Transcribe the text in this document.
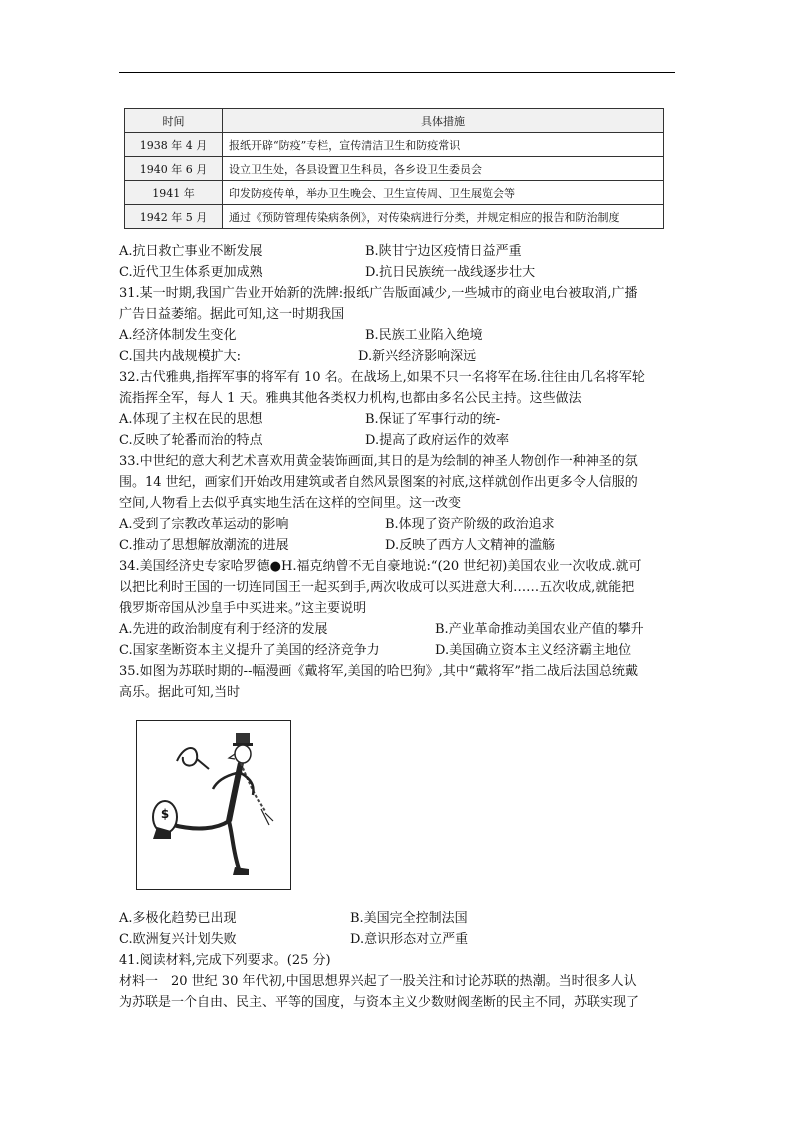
时间	具体措施
1938 年 4 月	报纸开辟“防疫”专栏，宣传清洁卫生和防疫常识
1940 年 6 月	设立卫生处，各县设置卫生科员，各乡设卫生委员会
1941 年	印发防疫传单，举办卫生晚会、卫生宣传周、卫生展览会等
1942 年 5 月	通过《预防管理传染病条例》，对传染病进行分类，并规定相应的报告和防治制度
A.抗日救亡事业不断发展	B.陕甘宁边区疫情日益严重
C.近代卫生体系更加成熟	D.抗日民族统一战线逐步壮大
31.某一时期,我国广告业开始新的洗牌:报纸广告版面减少,一些城市的商业电台被取消,广播
广告日益萎缩。据此可知,这一时期我国
A.经济体制发生变化	B.民族工业陷入绝境
C.国共内战规模扩大:	D.新兴经济影响深远
32.古代雅典,指挥军事的将军有 10 名。在战场上,如果不只一名将军在场.往往由几名将军轮
流指挥全军，每人 1 天。雅典其他各类权力机构,也都由多名公民主持。这些做法
A.体现了主权在民的思想	B.保证了军事行动的统-
C.反映了轮番而治的特点	D.提高了政府运作的效率
33.中世纪的意大利艺术喜欢用黄金装饰画面,其日的是为绘制的神圣人物创作一种神圣的氛
围。14 世纪，画家们开始改用建筑或者自然风景图案的衬底,这样就创作出更多令人信服的
空间,人物看上去似乎真实地生活在这样的空间里。这一改变
A.受到了宗教改革运动的影响	B.体现了资产阶级的政治追求
C.推动了思想解放潮流的进展	D.反映了西方人文精神的滥觞
34.美国经济史专家哈罗德●H.福克纳曾不无自豪地说:“(20 世纪初)美国农业一次收成.就可
以把比利时王国的一切连同国王一起买到手,两次收成可以买进意大利……五次收成,就能把
俄罗斯帝国从沙皇手中买进来。”这主要说明
A.先进的政治制度有利于经济的发展	B.产业革命推动美国农业产值的攀升
C.国家垄断资本主义提升了美国的经济竞争力	D.美国确立资本主义经济霸主地位
35.如图为苏联时期的--幅漫画《戴将军,美国的哈巴狗》,其中“戴将军”指二战后法国总统戴
高乐。据此可知,当时
$
A.多极化趋势已出现	B.美国完全控制法国
C.欧洲复兴计划失败	D.意识形态对立严重
41.阅读材料,完成下列要求。(25 分)
材料一　20 世纪 30 年代初,中国思想界兴起了一股关注和讨论苏联的热潮。当时很多人认
为苏联是一个自由、民主、平等的国度，与资本主义少数财阀垄断的民主不同，苏联实现了
